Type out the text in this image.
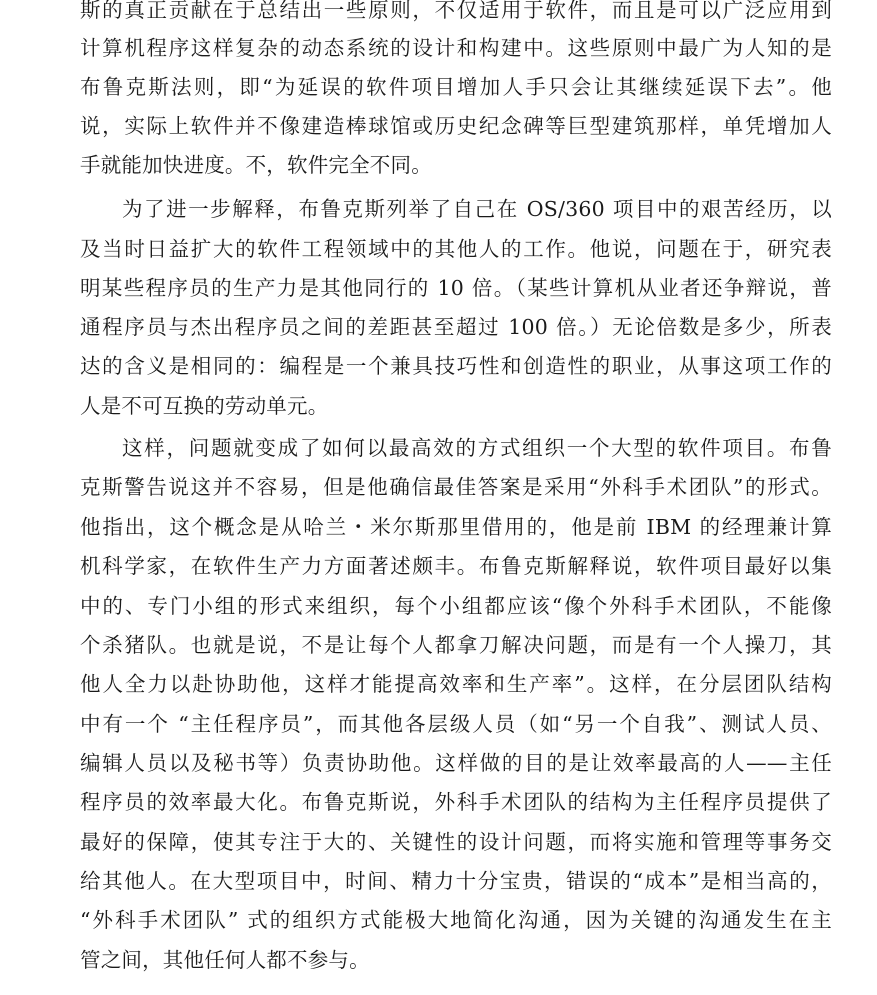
斯的真正贡献在于总结出一些原则，不仅适用于软件，而且是可以广泛应用到
计算机程序这样复杂的动态系统的设计和构建中。这些原则中最广为人知的是
布鲁克斯法则，即“为延误的软件项目增加人手只会让其继续延误下去”。他
说，实际上软件并不像建造棒球馆或历史纪念碑等巨型建筑那样，单凭增加人
手就能加快进度。不，软件完全不同。
为了进一步解释，布鲁克斯列举了自己在 OS/360 项目中的艰苦经历，以
及当时日益扩大的软件工程领域中的其他人的工作。他说，问题在于，研究表
明某些程序员的生产力是其他同行的 10 倍。（某些计算机从业者还争辩说，普
通程序员与杰出程序员之间的差距甚至超过 100 倍。）无论倍数是多少，所表
达的含义是相同的：编程是一个兼具技巧性和创造性的职业，从事这项工作的
人是不可互换的劳动单元。
这样，问题就变成了如何以最高效的方式组织一个大型的软件项目。布鲁
克斯警告说这并不容易，但是他确信最佳答案是采用“外科手术团队”的形式。
他指出，这个概念是从哈兰・米尔斯那里借用的，他是前 IBM 的经理兼计算
机科学家，在软件生产力方面著述颇丰。布鲁克斯解释说，软件项目最好以集
中的、专门小组的形式来组织，每个小组都应该“像个外科手术团队，不能像
个杀猪队。也就是说，不是让每个人都拿刀解决问题，而是有一个人操刀，其
他人全力以赴协助他，这样才能提高效率和生产率”。这样，在分层团队结构
中有一个 “主任程序员”，而其他各层级人员（如“另一个自我”、测试人员、
编辑人员以及秘书等）负责协助他。这样做的目的是让效率最高的人——主任
程序员的效率最大化。布鲁克斯说，外科手术团队的结构为主任程序员提供了
最好的保障，使其专注于大的、关键性的设计问题，而将实施和管理等事务交
给其他人。在大型项目中，时间、精力十分宝贵，错误的“成本”是相当高的，
“外科手术团队” 式的组织方式能极大地简化沟通，因为关键的沟通发生在主
管之间，其他任何人都不参与。
